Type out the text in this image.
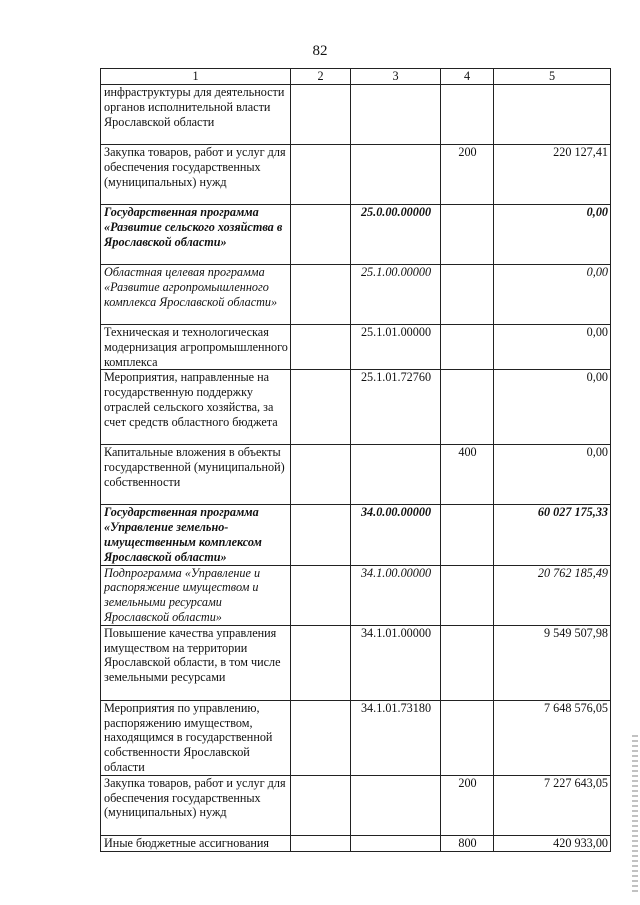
82
1	2	3	4	5
инфраструктуры для деятельности органов исполнительной власти Ярославской области				
Закупка товаров, работ и услуг для обеспечения государственных (муниципальных) нужд			200	220 127,41
Государственная программа «Развитие сельского хозяйства в Ярославской области»		25.0.00.00000		0,00
Областная целевая программа «Развитие агропромышленного комплекса Ярославской области»		25.1.00.00000		0,00
Техническая и технологическая модернизация агропромышленного комплекса		25.1.01.00000		0,00
Мероприятия, направленные на государственную поддержку отраслей сельского хозяйства, за счет средств областного бюджета		25.1.01.72760		0,00
Капитальные вложения в объекты государственной (муниципальной) собственности			400	0,00
Государственная программа «Управление земельно-имущественным комплексом Ярославской области»		34.0.00.00000		60 027 175,33
Подпрограмма «Управление и распоряжение имуществом и земельными ресурсами Ярославской области»		34.1.00.00000		20 762 185,49
Повышение качества управления имуществом на территории Ярославской области, в том числе земельными ресурсами		34.1.01.00000		9 549 507,98
Мероприятия по управлению, распоряжению имуществом, находящимся в государственной собственности Ярославской области		34.1.01.73180		7 648 576,05
Закупка товаров, работ и услуг для обеспечения государственных (муниципальных) нужд			200	7 227 643,05
Иные бюджетные ассигнования			800	420 933,00
